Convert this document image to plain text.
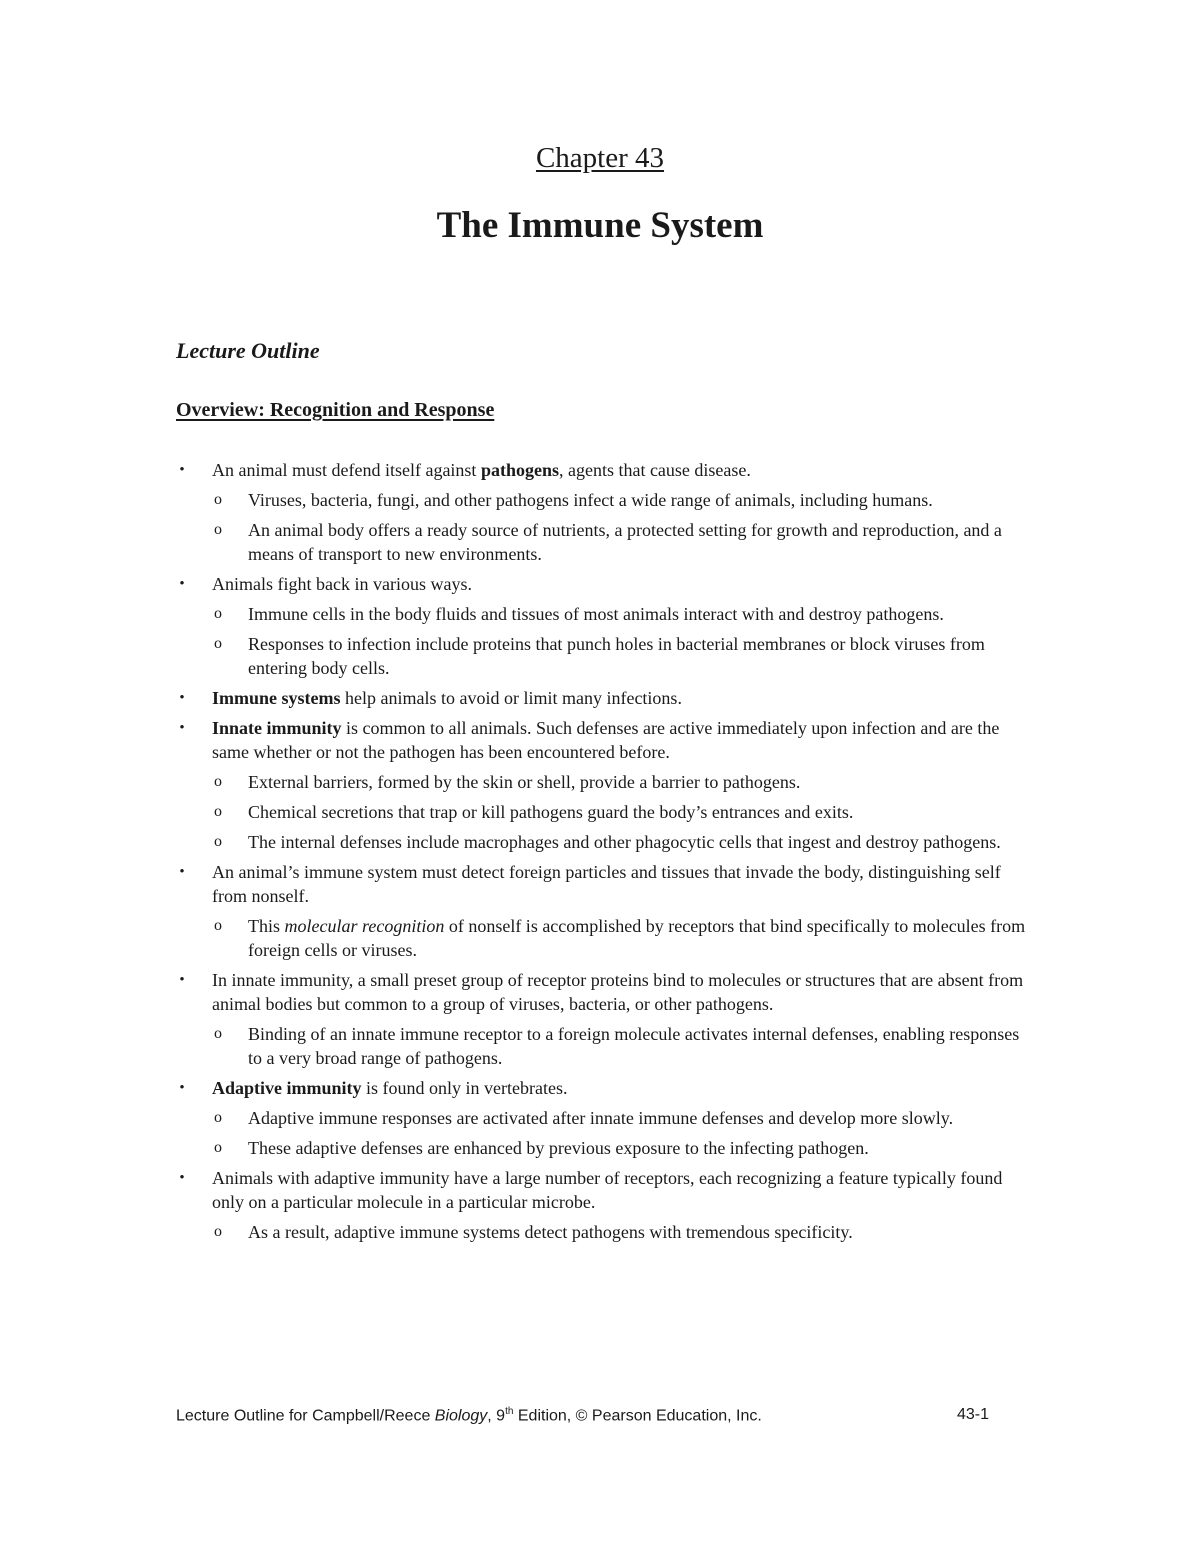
Chapter 43
The Immune System
Lecture Outline
Overview: Recognition and Response
• An animal must defend itself against pathogens, agents that cause disease.
o Viruses, bacteria, fungi, and other pathogens infect a wide range of animals, including humans.
o An animal body offers a ready source of nutrients, a protected setting for growth and reproduction, and a means of transport to new environments.
• Animals fight back in various ways.
o Immune cells in the body fluids and tissues of most animals interact with and destroy pathogens.
o Responses to infection include proteins that punch holes in bacterial membranes or block viruses from entering body cells.
• Immune systems help animals to avoid or limit many infections.
• Innate immunity is common to all animals. Such defenses are active immediately upon infection and are the same whether or not the pathogen has been encountered before.
o External barriers, formed by the skin or shell, provide a barrier to pathogens.
o Chemical secretions that trap or kill pathogens guard the body’s entrances and exits.
o The internal defenses include macrophages and other phagocytic cells that ingest and destroy pathogens.
• An animal’s immune system must detect foreign particles and tissues that invade the body, distinguishing self from nonself.
o This molecular recognition of nonself is accomplished by receptors that bind specifically to molecules from foreign cells or viruses.
• In innate immunity, a small preset group of receptor proteins bind to molecules or structures that are absent from animal bodies but common to a group of viruses, bacteria, or other pathogens.
o Binding of an innate immune receptor to a foreign molecule activates internal defenses, enabling responses to a very broad range of pathogens.
• Adaptive immunity is found only in vertebrates.
o Adaptive immune responses are activated after innate immune defenses and develop more slowly.
o These adaptive defenses are enhanced by previous exposure to the infecting pathogen.
• Animals with adaptive immunity have a large number of receptors, each recognizing a feature typically found only on a particular molecule in a particular microbe.
o As a result, adaptive immune systems detect pathogens with tremendous specificity.
Lecture Outline for Campbell/Reece Biology, 9th Edition, © Pearson Education, Inc.	43-1
